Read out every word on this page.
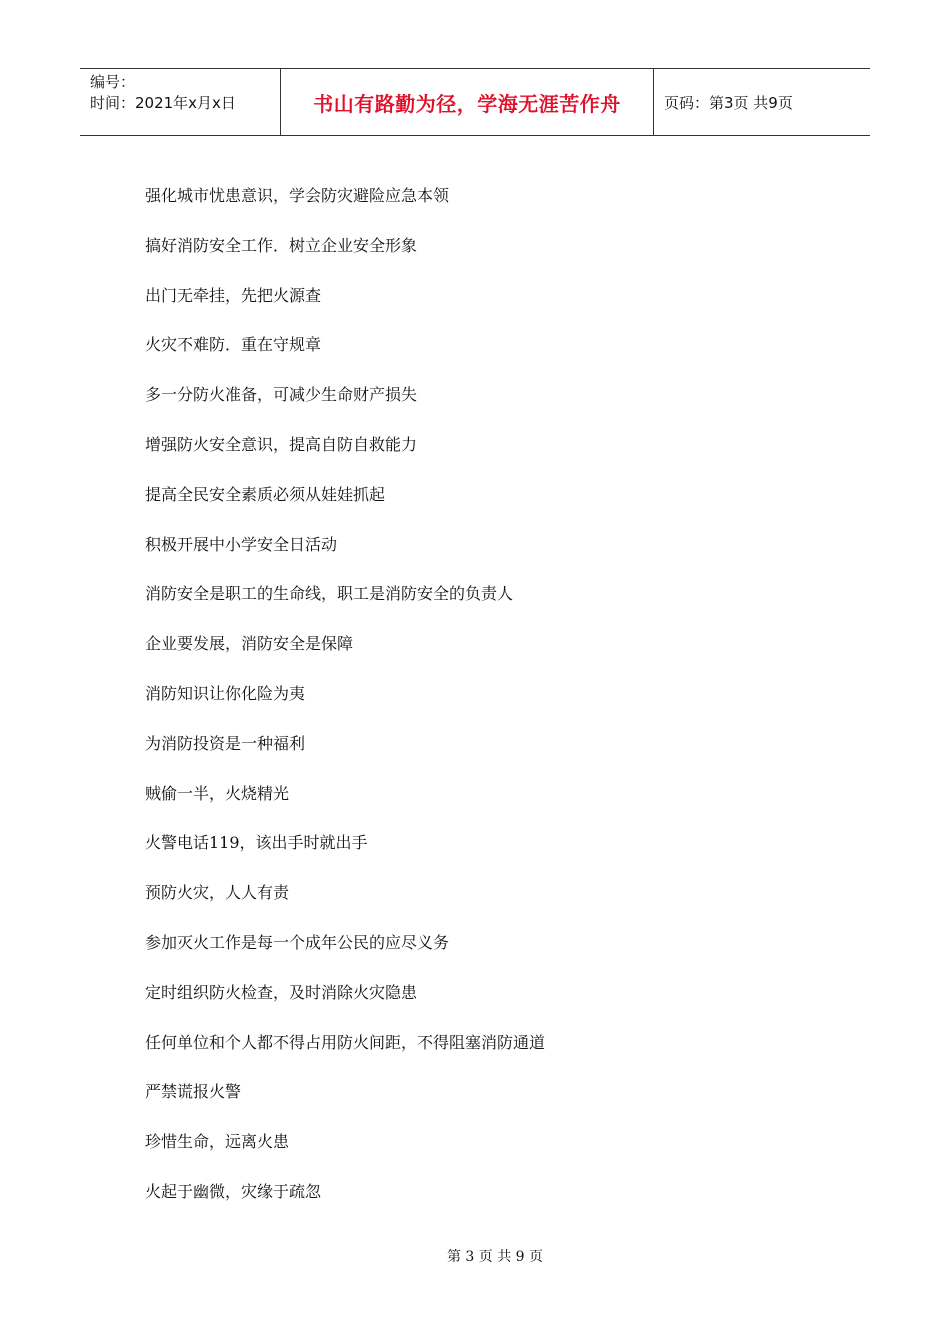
编号：
时间：2021年x月x日	书山有路勤为径，学海无涯苦作舟	页码：第3页 共9页
强化城市忧患意识，学会防灾避险应急本领
搞好消防安全工作．树立企业安全形象
出门无牵挂，先把火源查
火灾不难防．重在守规章
多一分防火准备，可减少生命财产损失
增强防火安全意识，提高自防自救能力
提高全民安全素质必须从娃娃抓起
积极开展中小学安全日活动
消防安全是职工的生命线，职工是消防安全的负责人
企业要发展，消防安全是保障
消防知识让你化险为夷
为消防投资是一种福利
贼偷一半，火烧精光
火警电话119，该出手时就出手
预防火灾，人人有责
参加灭火工作是每一个成年公民的应尽义务
定时组织防火检查，及时消除火灾隐患
任何单位和个人都不得占用防火间距，不得阻塞消防通道
严禁谎报火警
珍惜生命，远离火患
火起于幽微，灾缘于疏忽
第 3 页 共 9 页
